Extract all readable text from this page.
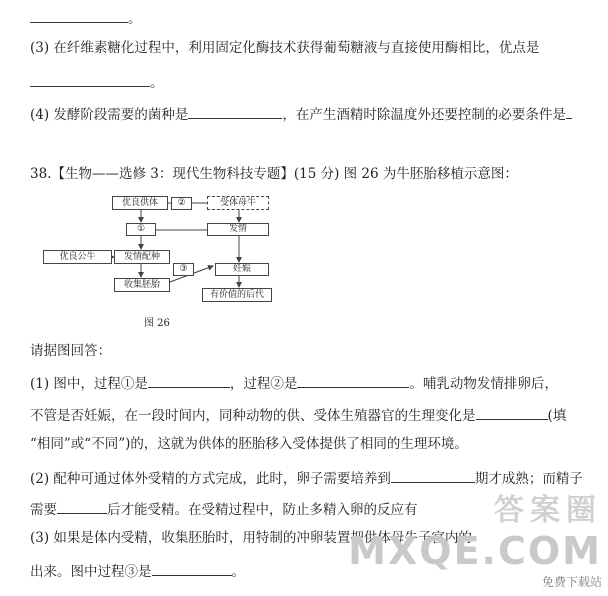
。
(3) 在纤维素糖化过程中，利用固定化酶技术获得葡萄糖液与直接使用酶相比，优点是
。
(4) 发酵阶段需要的菌种是	，在产生酒精时除温度外还要控制的必要条件是
38.【生物——选修 3：现代生物科技专题】(15 分) 图 26 为牛胚胎移植示意图：
优良供体 ②	受体母牛
①	发情
优良公牛	发情配种
③	妊娠
收集胚胎
有价值的后代
图 26
请据图回答：
(1) 图中，过程①是	，过程②是	。哺乳动物发情排卵后，
不管是否妊娠，在一段时间内，同种动物的供、受体生殖器官的生理变化是	(填
“相同”或“不同”)的，这就为供体的胚胎移入受体提供了相同的生理环境。
(2) 配种可通过体外受精的方式完成，此时，卵子需要培养到	期才成熟；而精子
需要	后才能受精。在受精过程中，防止多精入卵的反应有
(3) 如果是体内受精，收集胚胎时，用特制的冲卵装置把供体母牛子宫内的
出来。图中过程③是	。
答案圈
MXQE.COM
免费下载站
